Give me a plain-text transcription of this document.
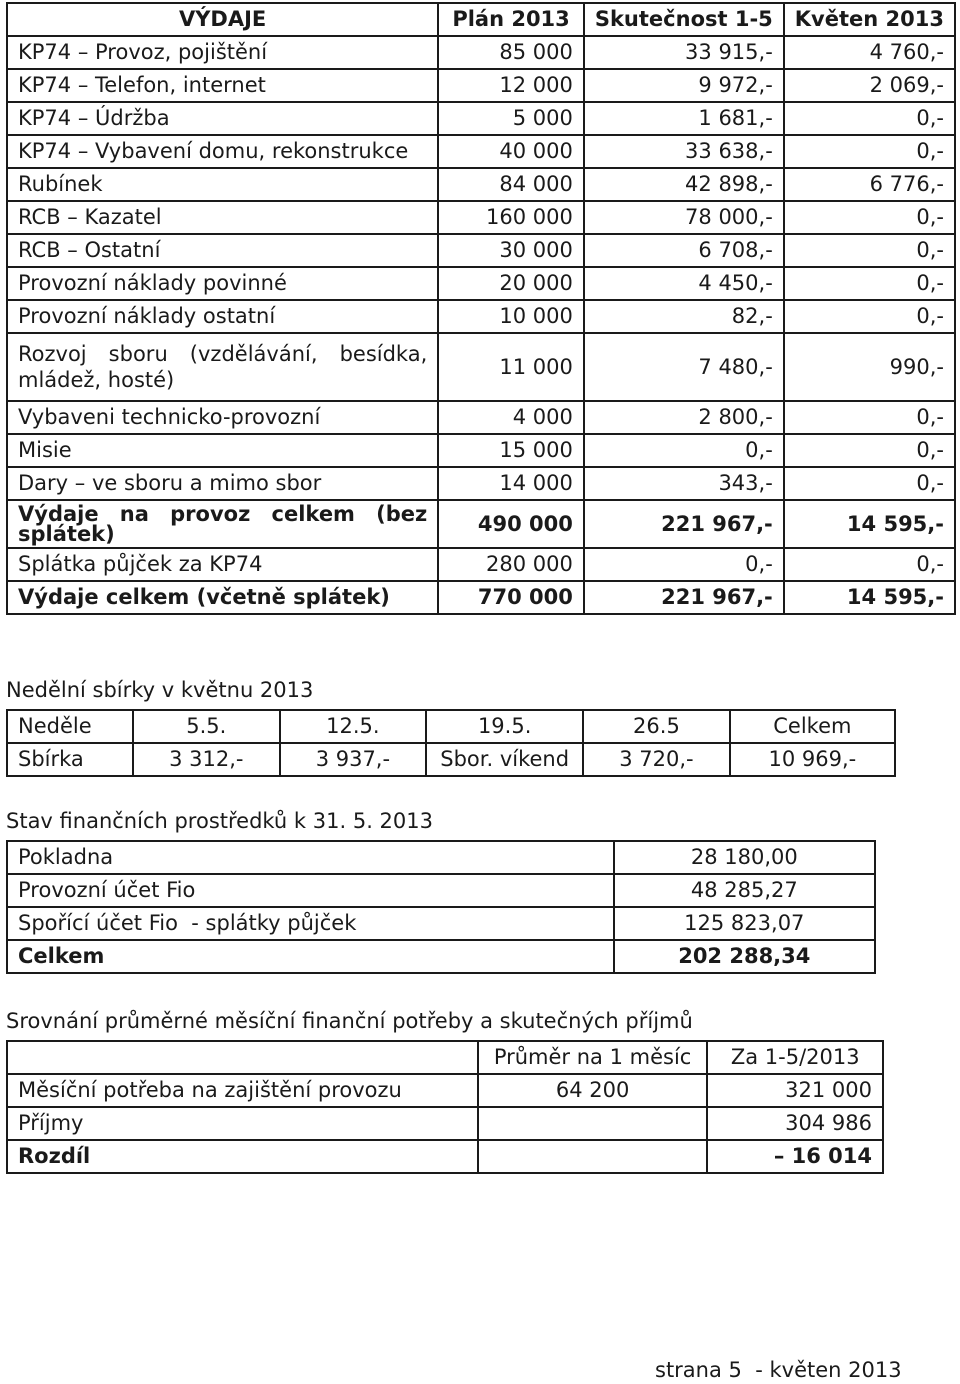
VÝDAJE	Plán 2013	Skutečnost 1-5	Květen 2013
KP74 – Provoz, pojištění	85 000	33 915,-	4 760,-
KP74 – Telefon, internet	12 000	9 972,-	2 069,-
KP74 – Údržba	5 000	1 681,-	0,-
KP74 – Vybavení domu, rekonstrukce	40 000	33 638,-	0,-
Rubínek	84 000	42 898,-	6 776,-
RCB – Kazatel	160 000	78 000,-	0,-
RCB – Ostatní	30 000	6 708,-	0,-
Provozní náklady povinné	20 000	4 450,-	0,-
Provozní náklady ostatní	10 000	82,-	0,-
Rozvoj sboru (vzdělávání, besídka, mládež, hosté)	11 000	7 480,-	990,-
Vybaveni technicko-provozní	4 000	2 800,-	0,-
Misie	15 000	0,-	0,-
Dary – ve sboru a mimo sbor	14 000	343,-	0,-
Výdaje na provoz celkem (bez splátek)	490 000	221 967,-	14 595,-
Splátka půjček za KP74	280 000	0,-	0,-
Výdaje celkem (včetně splátek)	770 000	221 967,-	14 595,-
Nedělní sbírky v květnu 2013
Neděle	5.5.	12.5.	19.5.	26.5	Celkem
Sbírka	3 312,-	3 937,-	Sbor. víkend	3 720,-	10 969,-
Stav finančních prostředků k 31. 5. 2013
Pokladna	28 180,00
Provozní účet Fio	48 285,27
Spořící účet Fio  - splátky půjček	125 823,07
Celkem	202 288,34
Srovnání průměrné měsíční finanční potřeby a skutečných příjmů
	Průměr na 1 měsíc	Za 1-5/2013
Měsíční potřeba na zajištění provozu	64 200	321 000
Příjmy		304 986
Rozdíl		– 16 014
strana 5  - květen 2013
